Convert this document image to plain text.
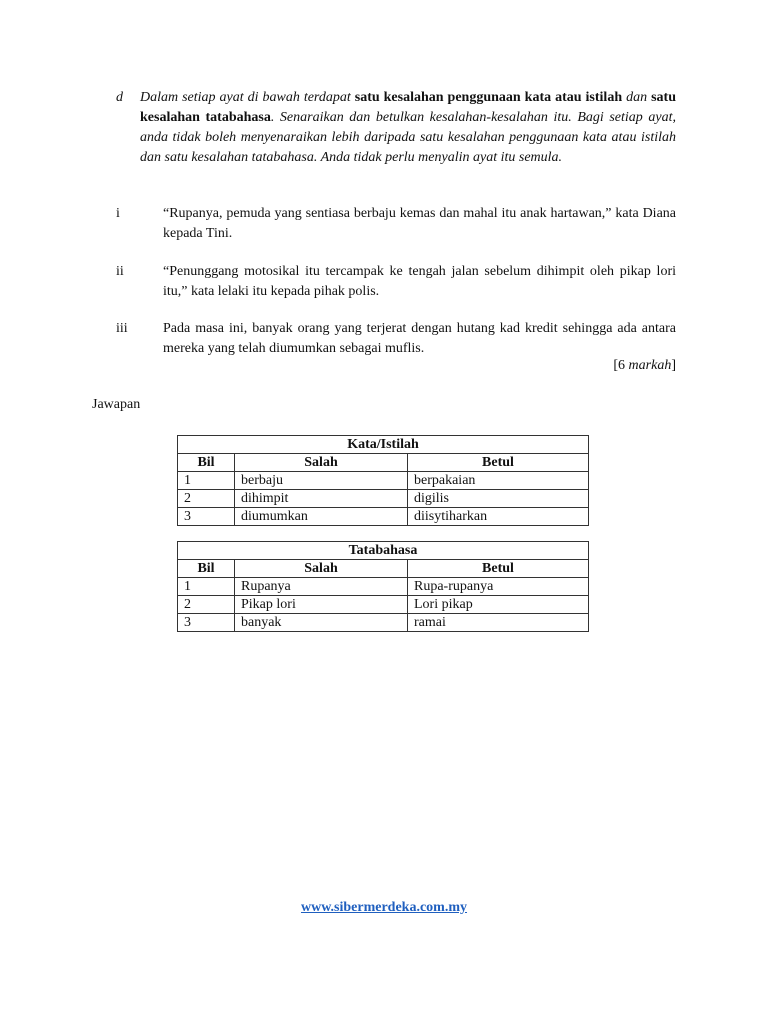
d Dalam setiap ayat di bawah terdapat satu kesalahan penggunaan kata atau istilah dan satu kesalahan tatabahasa. Senaraikan dan betulkan kesalahan-kesalahan itu. Bagi setiap ayat, anda tidak boleh menyenaraikan lebih daripada satu kesalahan penggunaan kata atau istilah dan satu kesalahan tatabahasa. Anda tidak perlu menyalin ayat itu semula.
i	“Rupanya, pemuda yang sentiasa berbaju kemas dan mahal itu anak hartawan,” kata Diana kepada Tini.
ii	“Penunggang motosikal itu tercampak ke tengah jalan sebelum dihimpit oleh pikap lori itu,” kata lelaki itu kepada pihak polis.
iii	Pada masa ini, banyak orang yang terjerat dengan hutang kad kredit sehingga ada antara mereka yang telah diumumkan sebagai muflis.
[6 markah]
Jawapan
Kata/Istilah		
Bil	Salah	Betul
1	berbaju	berpakaian
2	dihimpit	digilis
3	diumumkan	diisytiharkan
Tatabahasa		
Bil	Salah	Betul
1	Rupanya	Rupa-rupanya
2	Pikap lori	Lori pikap
3	banyak	ramai
www.sibermerdeka.com.my
